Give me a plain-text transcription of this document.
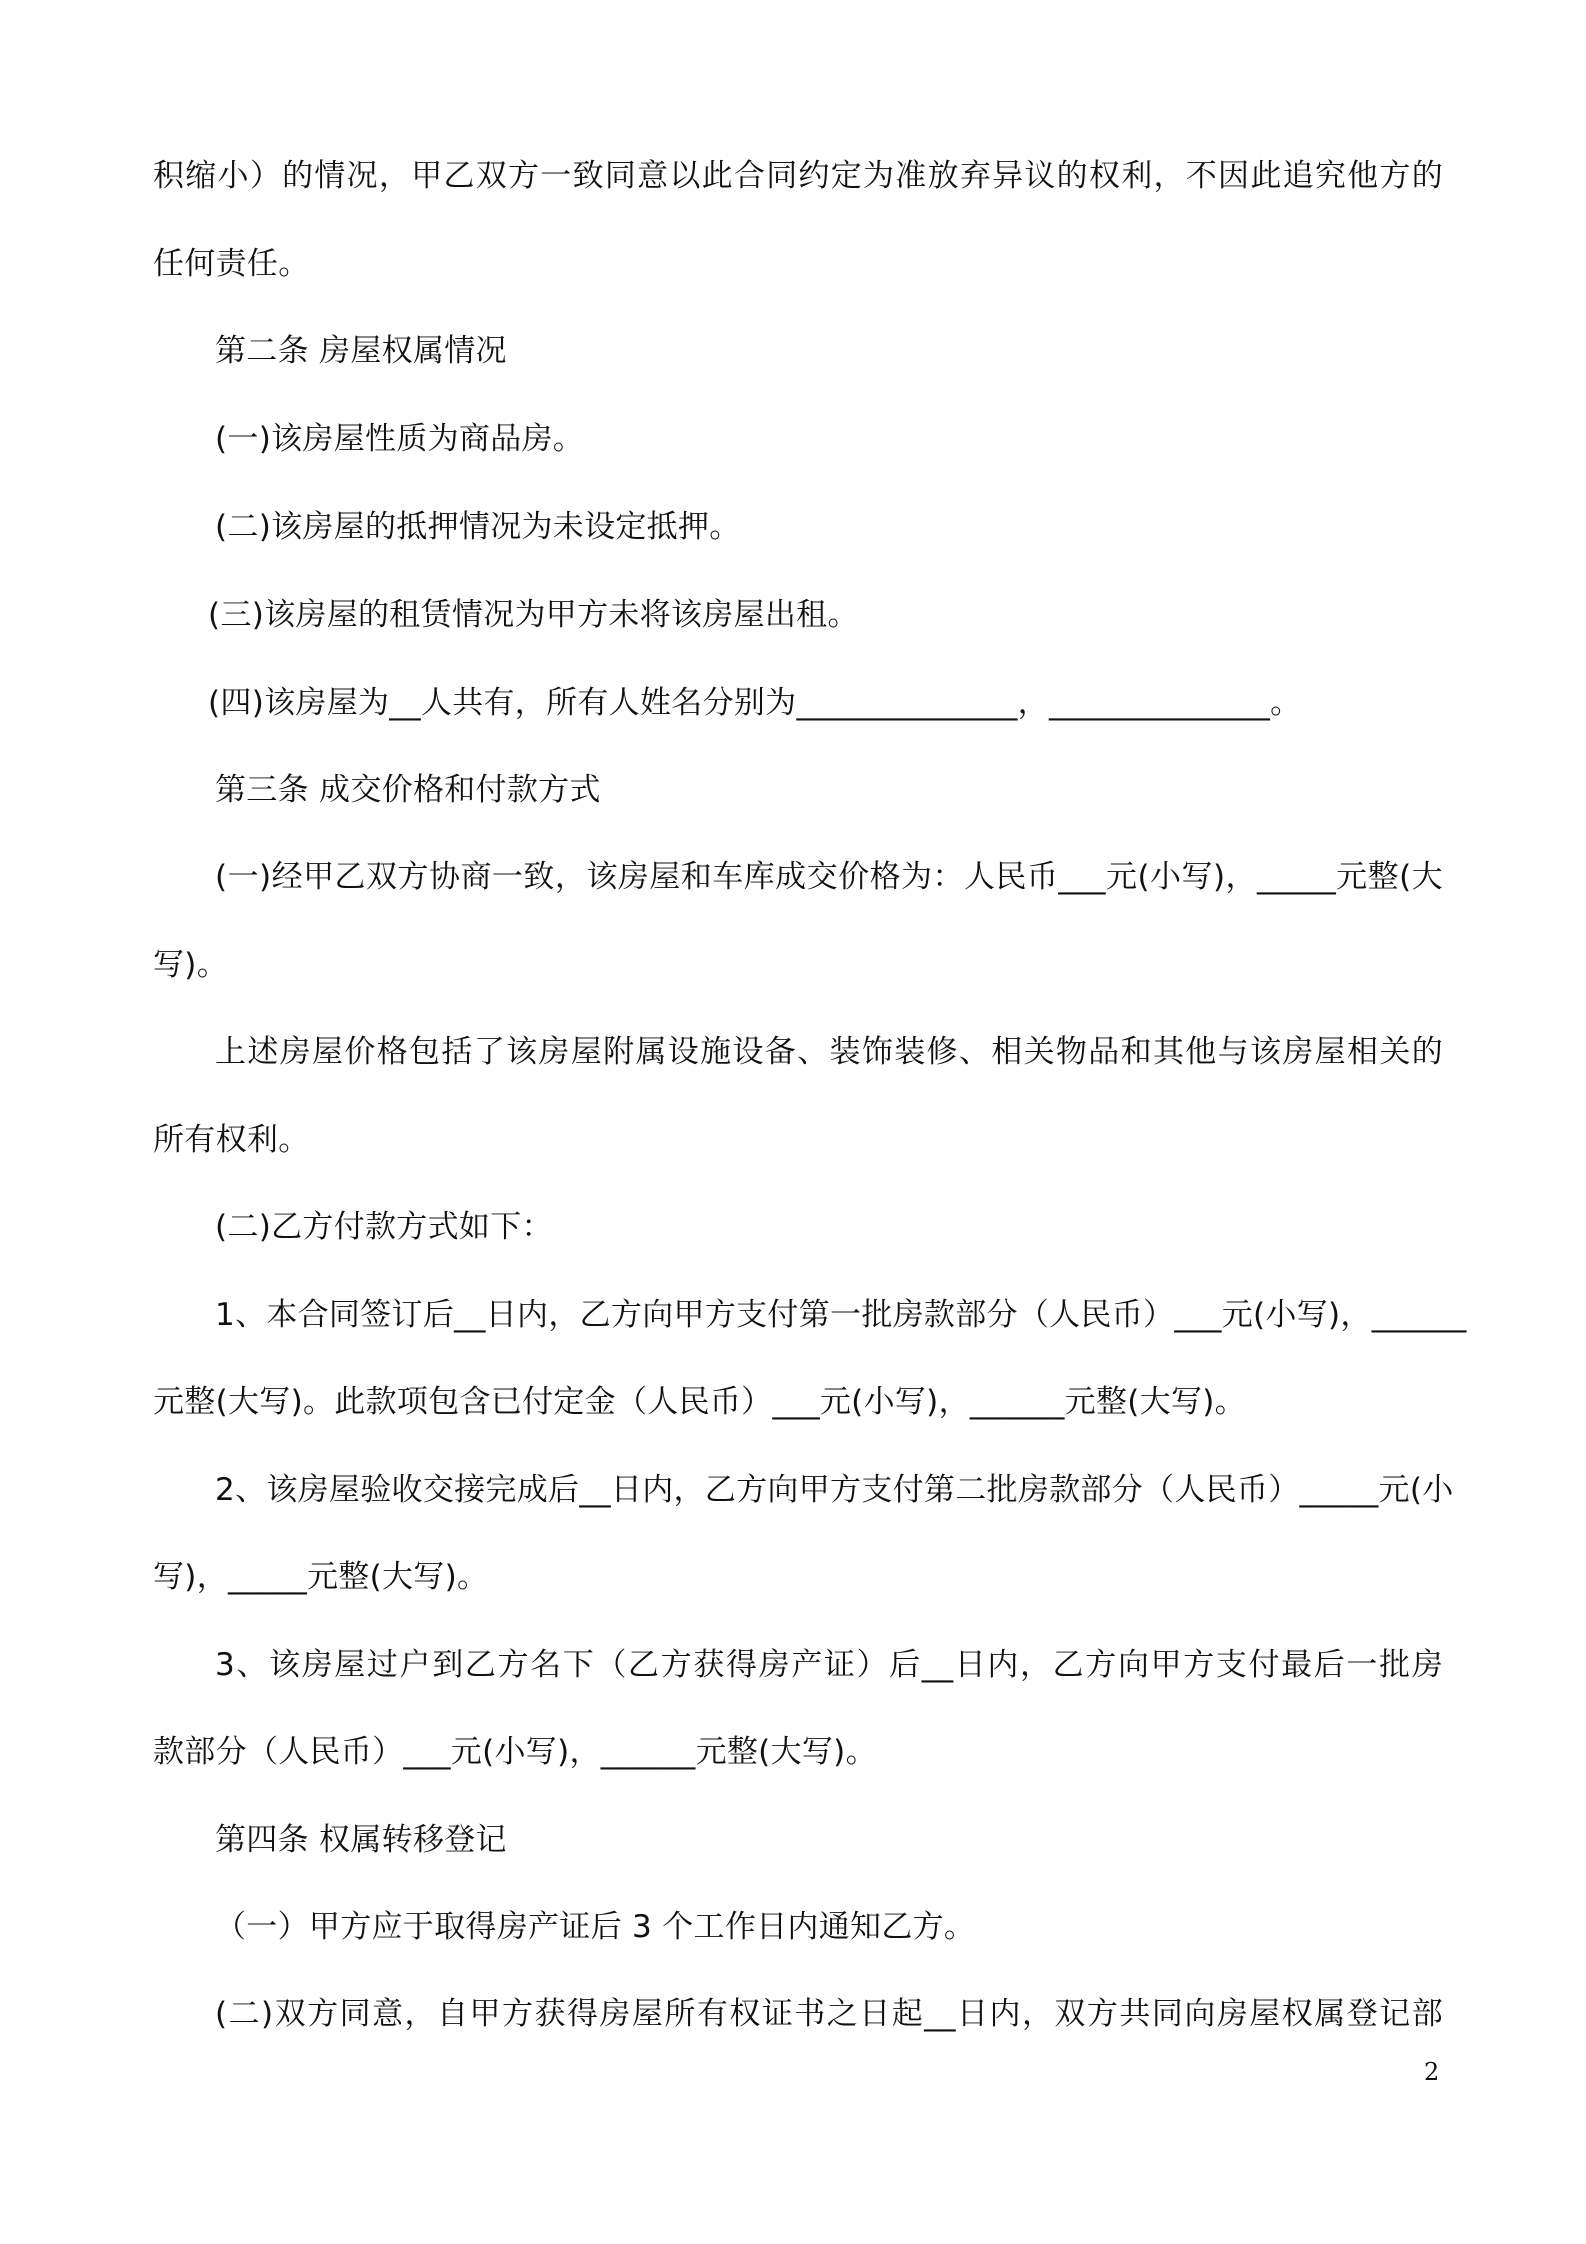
积缩小）的情况，甲乙双方一致同意以此合同约定为准放弃异议的权利，不因此追究他方的
任何责任。
第二条 房屋权属情况
(一)该房屋性质为商品房。
(二)该房屋的抵押情况为未设定抵押。
(三)该房屋的租赁情况为甲方未将该房屋出租。
(四)该房屋为__人共有，所有人姓名分别为______________，______________。
第三条 成交价格和付款方式
(一)经甲乙双方协商一致，该房屋和车库成交价格为：人民币___元(小写)，_____元整(大
写)。
上述房屋价格包括了该房屋附属设施设备、装饰装修、相关物品和其他与该房屋相关的
所有权利。
(二)乙方付款方式如下：
1、本合同签订后__日内，乙方向甲方支付第一批房款部分（人民币）___元(小写)，______
元整(大写)。此款项包含已付定金（人民币）___元(小写)，______元整(大写)。
2、该房屋验收交接完成后__日内，乙方向甲方支付第二批房款部分（人民币）_____元(小
写)，_____元整(大写)。
3、该房屋过户到乙方名下（乙方获得房产证）后__日内，乙方向甲方支付最后一批房
款部分（人民币）___元(小写)，______元整(大写)。
第四条 权属转移登记
（一）甲方应于取得房产证后 3 个工作日内通知乙方。
(二)双方同意，自甲方获得房屋所有权证书之日起__日内，双方共同向房屋权属登记部
2
